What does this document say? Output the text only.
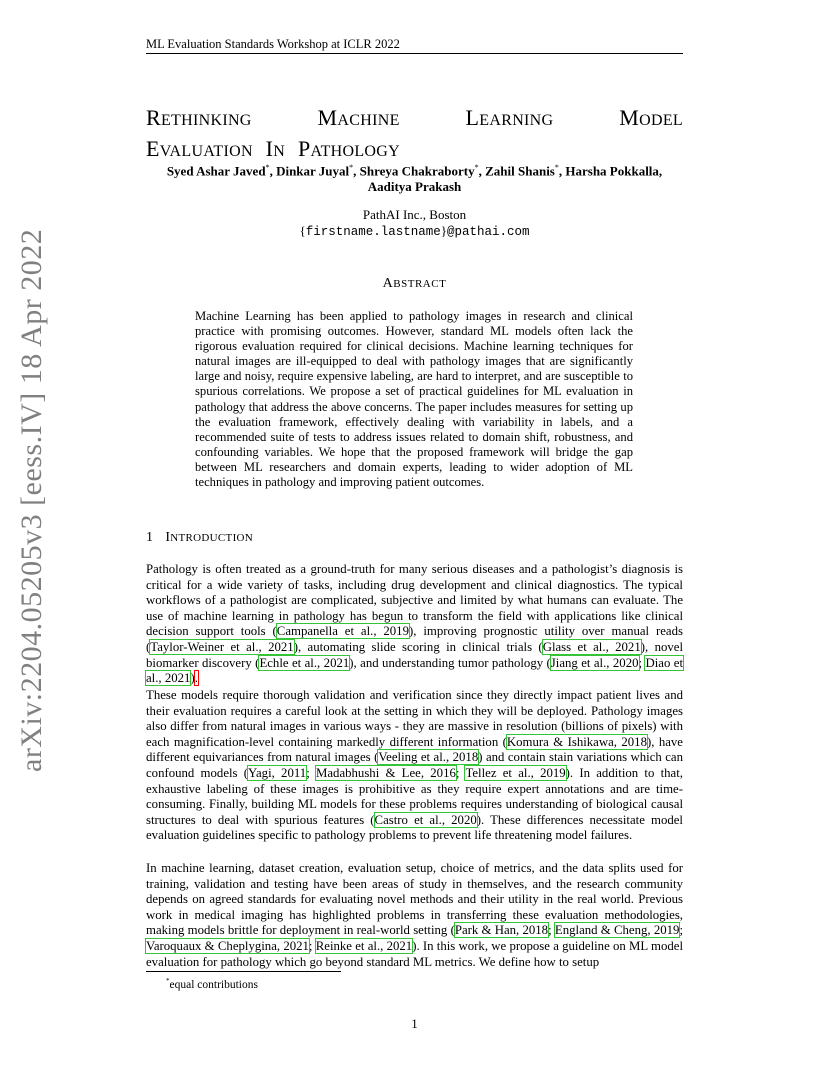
ML Evaluation Standards Workshop at ICLR 2022
RETHINKING	MACHINE	LEARNING	MODEL
EVALUATION IN PATHOLOGY
Syed Ashar Javed*, Dinkar Juyal*, Shreya Chakraborty*, Zahil Shanis*, Harsha Pokkalla,
Aaditya Prakash
PathAI Inc., Boston
{firstname.lastname}@pathai.com
ABSTRACT
Machine Learning has been applied to pathology images in research and clinical practice with promising outcomes. However, standard ML models often lack the rigorous evaluation required for clinical decisions. Machine learning techniques for natural images are ill-equipped to deal with pathology images that are significantly large and noisy, require expensive labeling, are hard to interpret, and are susceptible to spurious correlations. We propose a set of practical guidelines for ML evaluation in pathology that address the above concerns. The paper includes measures for setting up the evaluation framework, effectively dealing with variability in labels, and a recommended suite of tests to address issues related to domain shift, robustness, and confounding variables. We hope that the proposed framework will bridge the gap between ML researchers and domain experts, leading to wider adoption of ML techniques in pathology and improving patient outcomes.
1 INTRODUCTION

Pathology is often treated as a ground-truth for many serious diseases and a pathologist’s diagnosis is critical for a wide variety of tasks, including drug development and clinical diagnostics. The typical workflows of a pathologist are complicated, subjective and limited by what humans can evaluate. The use of machine learning in pathology has begun to transform the field with applications like clinical decision support tools (Campanella et al., 2019), improving prognostic utility over manual reads (Taylor-Weiner et al., 2021), automating slide scoring in clinical trials (Glass et al., 2021), novel biomarker discovery (Echle et al., 2021), and understanding tumor pathology (Jiang et al., 2020; Diao et al., 2021).

These models require thorough validation and verification since they directly impact patient lives and their evaluation requires a careful look at the setting in which they will be deployed. Pathology images also differ from natural images in various ways - they are massive in resolution (billions of pixels) with each magnification-level containing markedly different information (Komura & Ishikawa, 2018), have different equivariances from natural images (Veeling et al., 2018) and contain stain variations which can confound models (Yagi, 2011; Madabhushi & Lee, 2016; Tellez et al., 2019). In addition to that, exhaustive labeling of these images is prohibitive as they require expert annotations and are time-consuming. Finally, building ML models for these problems requires understanding of biological causal structures to deal with spurious features (Castro et al., 2020). These differences necessitate model evaluation guidelines specific to pathology problems to prevent life threatening model failures.

In machine learning, dataset creation, evaluation setup, choice of metrics, and the data splits used for training, validation and testing have been areas of study in themselves, and the research community depends on agreed standards for evaluating novel methods and their utility in the real world. Previous work in medical imaging has highlighted problems in transferring these evaluation methodologies, making models brittle for deployment in real-world setting (Park & Han, 2018; England & Cheng, 2019; Varoquaux & Cheplygina, 2021; Reinke et al., 2021). In this work, we propose a guideline on ML model evaluation for pathology which go beyond standard ML metrics. We define how to setup

*equal contributions
1
arXiv:2204.05205v3 [eess.IV] 18 Apr 2022
